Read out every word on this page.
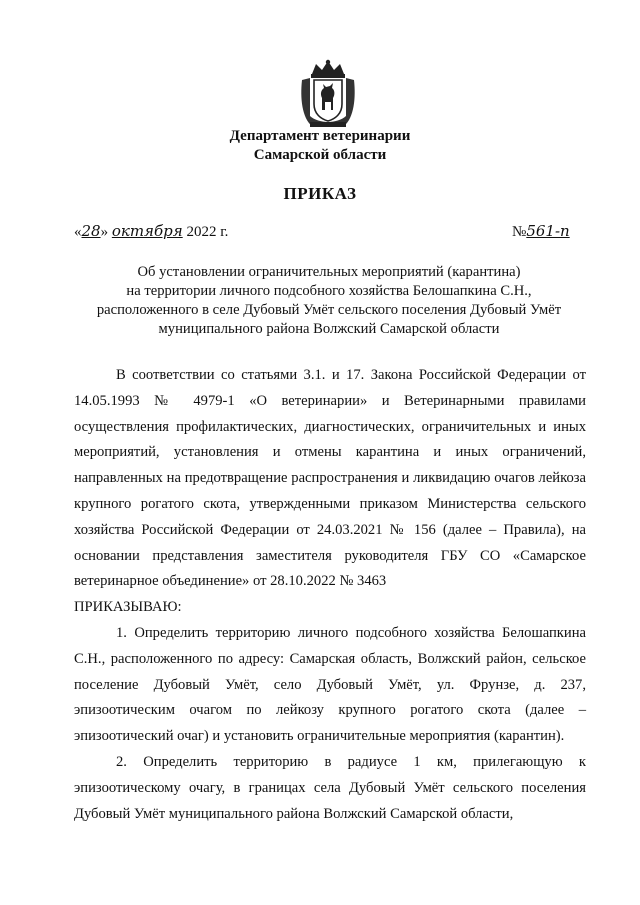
Департамент ветеринарии
Самарской области
ПРИКАЗ
«28» октября 2022 г.	№561-п
Об установлении ограничительных мероприятий (карантина)
на территории личного подсобного хозяйства Белошапкина С.Н.,
расположенного в селе Дубовый Умёт сельского поселения Дубовый Умёт
муниципального района Волжский Самарской области

В соответствии со статьями 3.1. и 17. Закона Российской Федерации от 14.05.1993 № 4979-1 «О ветеринарии» и Ветеринарными правилами осуществления профилактических, диагностических, ограничительных и иных мероприятий, установления и отмены карантина и иных ограничений, направленных на предотвращение распространения и ликвидацию очагов лейкоза крупного рогатого скота, утвержденными приказом Министерства сельского хозяйства Российской Федерации от 24.03.2021 № 156 (далее – Правила), на основании представления заместителя руководителя ГБУ СО «Самарское ветеринарное объединение» от 28.10.2022 № 3463

ПРИКАЗЫВАЮ:

1. Определить территорию личного подсобного хозяйства Белошапкина С.Н., расположенного по адресу: Самарская область, Волжский район, сельское поселение Дубовый Умёт, село Дубовый Умёт, ул. Фрунзе, д. 237, эпизоотическим очагом по лейкозу крупного рогатого скота (далее – эпизоотический очаг) и установить ограничительные мероприятия (карантин).

2. Определить территорию в радиусе 1 км, прилегающую к эпизоотическому очагу, в границах села Дубовый Умёт сельского поселения Дубовый Умёт муниципального района Волжский Самарской области,
